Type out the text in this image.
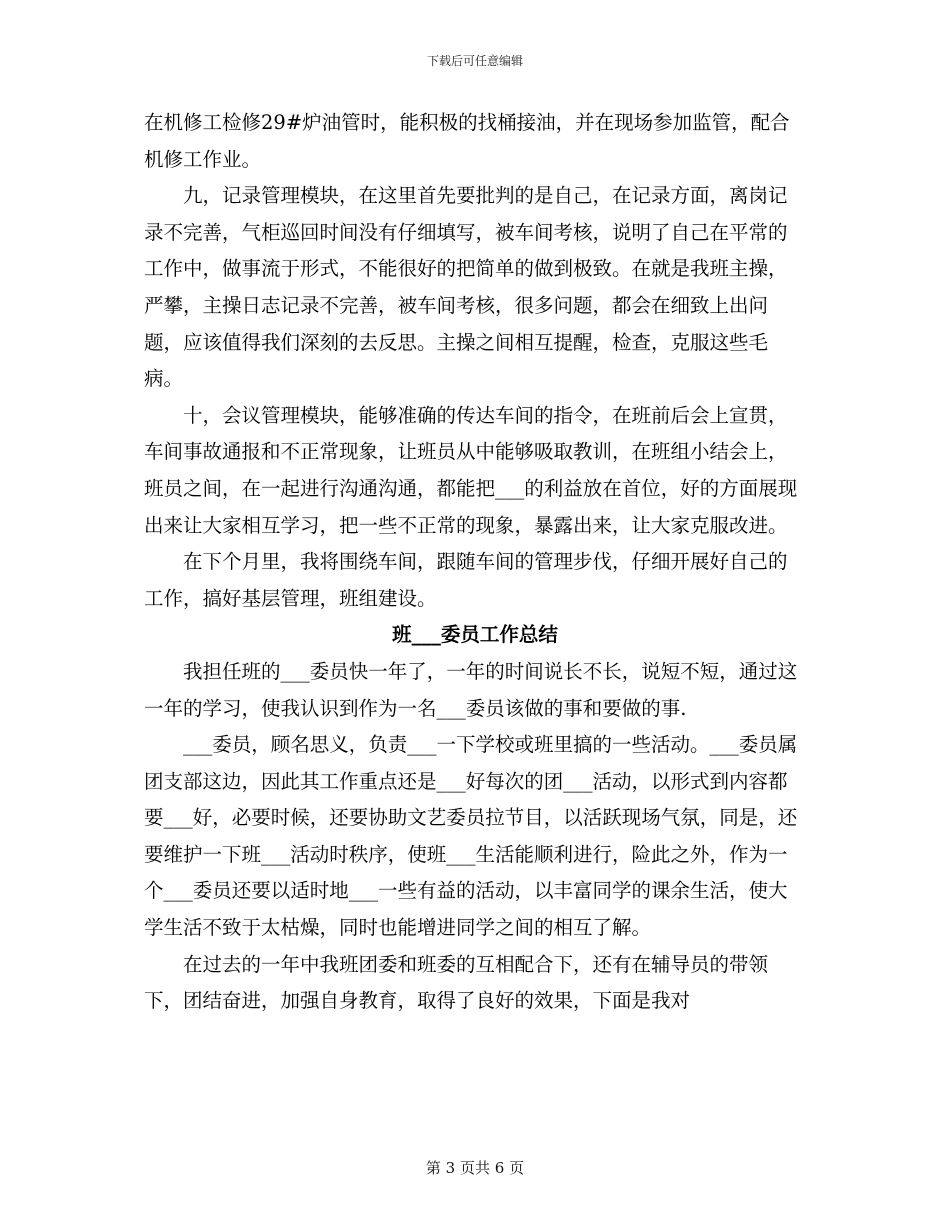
下载后可任意编辑

在机修工检修29#炉油管时，能积极的找桶接油，并在现场参加监管，配合机修工作业。

九，记录管理模块，在这里首先要批判的是自己，在记录方面，离岗记录不完善，气柜巡回时间没有仔细填写，被车间考核，说明了自己在平常的工作中，做事流于形式，不能很好的把简单的做到极致。在就是我班主操，严攀，主操日志记录不完善，被车间考核，很多问题，都会在细致上出问题，应该值得我们深刻的去反思。主操之间相互提醒，检查，克服这些毛病。

十，会议管理模块，能够准确的传达车间的指令，在班前后会上宣贯，车间事故通报和不正常现象，让班员从中能够吸取教训，在班组小结会上，班员之间，在一起进行沟通沟通，都能把___的利益放在首位，好的方面展现出来让大家相互学习，把一些不正常的现象，暴露出来，让大家克服改进。

在下个月里，我将围绕车间，跟随车间的管理步伐，仔细开展好自己的工作，搞好基层管理，班组建设。

班___委员工作总结

我担任班的___委员快一年了，一年的时间说长不长，说短不短，通过这一年的学习，使我认识到作为一名___委员该做的事和要做的事.

___委员，顾名思义，负责___一下学校或班里搞的一些活动。___委员属团支部这边，因此其工作重点还是___好每次的团___活动，以形式到内容都要___好，必要时候，还要协助文艺委员拉节目，以活跃现场气氛，同是，还要维护一下班___活动时秩序，使班___生活能顺利进行，险此之外，作为一个___委员还要以适时地___一些有益的活动，以丰富同学的课余生活，使大学生活不致于太枯燥，同时也能增进同学之间的相互了解。

在过去的一年中我班团委和班委的互相配合下，还有在辅导员的带领下，团结奋进，加强自身教育，取得了良好的效果，下面是我对

第 3 页共 6 页
